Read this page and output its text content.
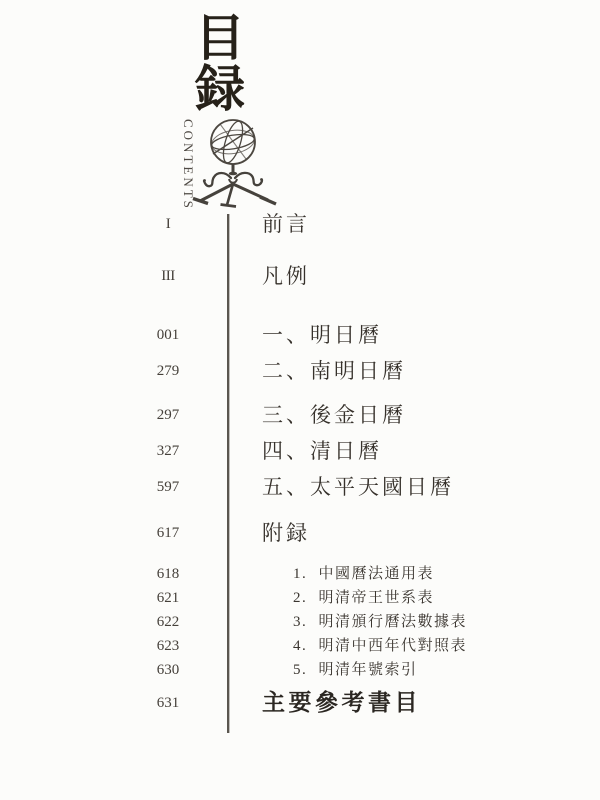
目
録
CONTENTS
I	前言
III	凡例
001	一、明日曆
279	二、南明日曆
297	三、後金日曆
327	四、清日曆
597	五、太平天國日曆
617	附録
618	1. 中國曆法通用表
621	2. 明清帝王世系表
622	3. 明清頒行曆法數據表
623	4. 明清中西年代對照表
630	5. 明清年號索引
631	主要參考書目
